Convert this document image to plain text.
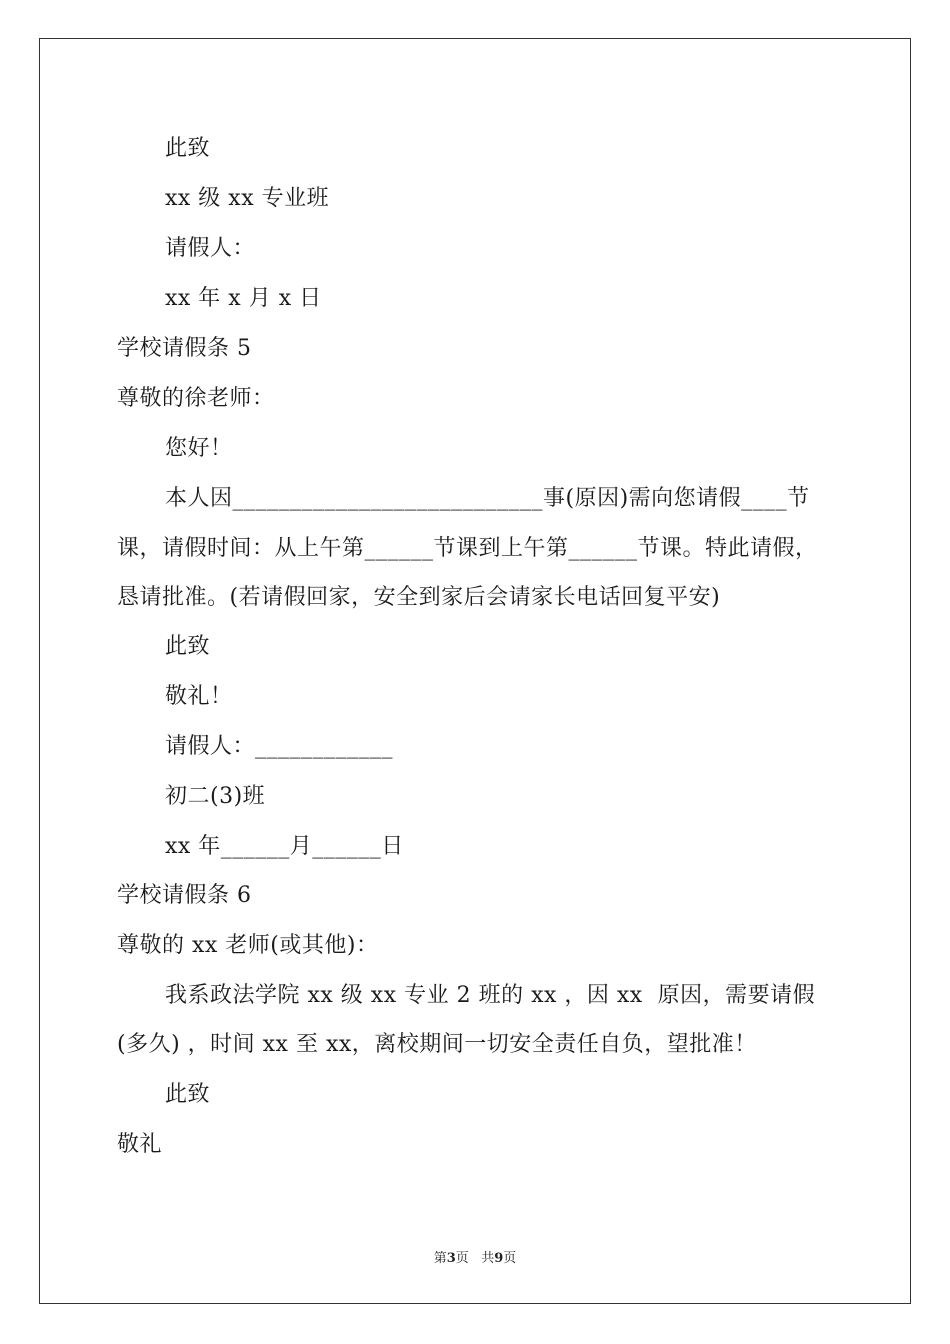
此致
xx 级 xx 专业班
请假人：
xx 年 x 月 x 日
学校请假条 5
尊敬的徐老师：
您好！
本人因___________________________事(原因)需向您请假____节
课，请假时间：从上午第______节课到上午第______节课。特此请假，
恳请批准。(若请假回家，安全到家后会请家长电话回复平安)
此致
敬礼！
请假人：____________
初二(3)班
xx 年______月______日
学校请假条 6
尊敬的 xx 老师(或其他)：
我系政法学院 xx 级 xx 专业 2 班的 xx ，因 xx  原因，需要请假
(多久) ，时间 xx 至 xx，离校期间一切安全责任自负，望批准！
此致
敬礼
第3页   共9页
